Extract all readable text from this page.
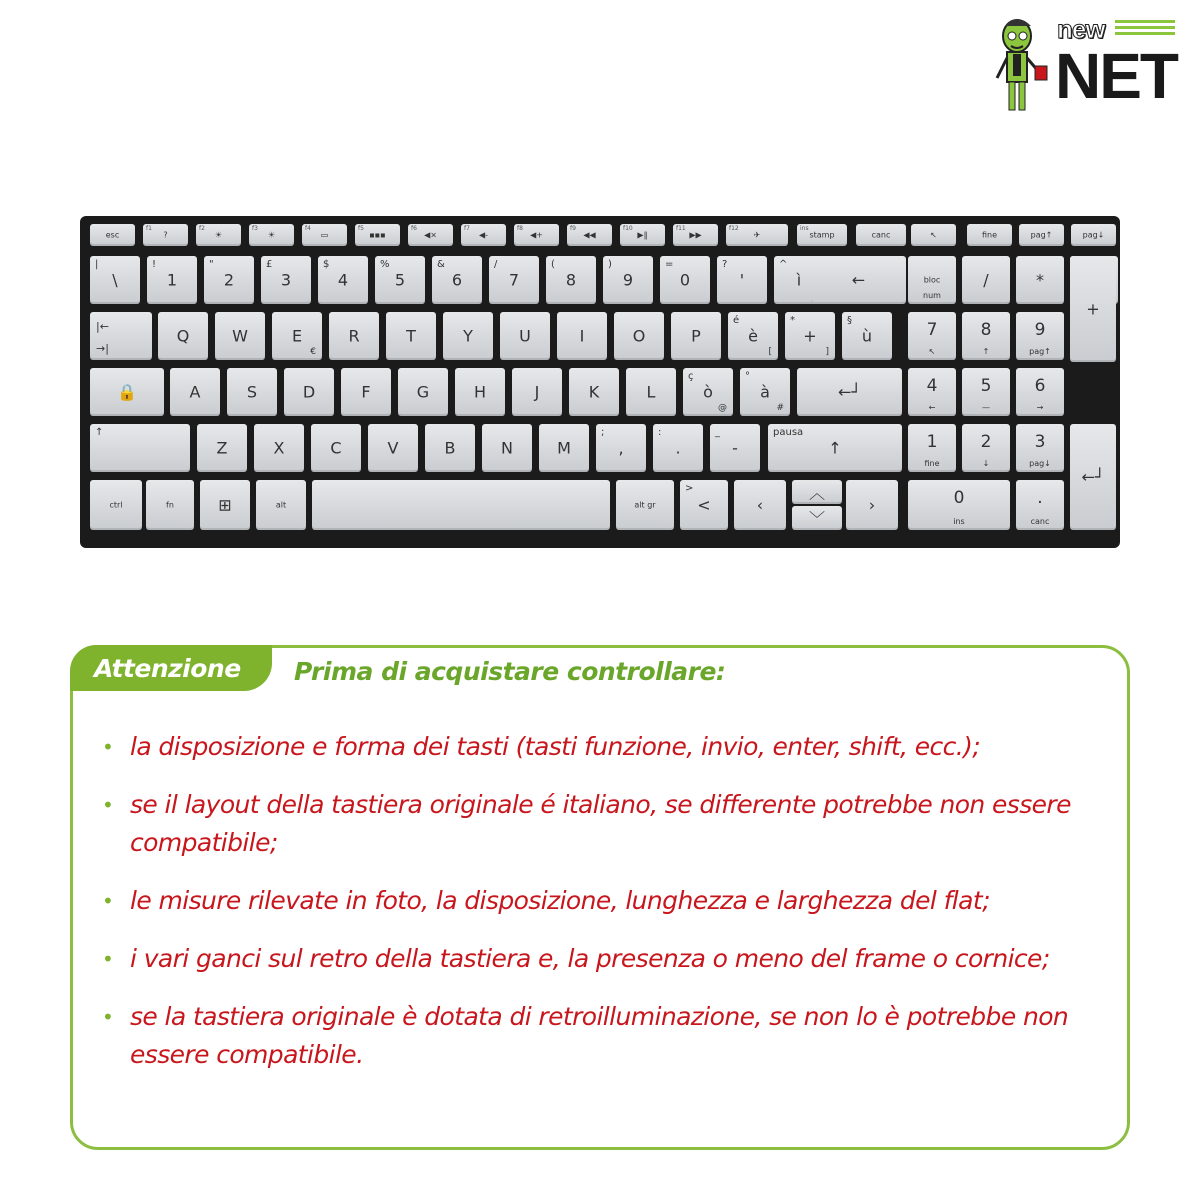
new
NET
esc
f1
?
f2
☀
f3
☀
f4
▭
f5
▪▪▪
f6
◀×
f7
◀-
f8
◀+
f9
◀◀
f10
▶‖
f11
▶▶
f12
✈
ins
stamp	canc	↖	fine	pag↑	pag↓
|
\
!
1
"
2
£
3
$
4
%
5
&
6
/
7
(
8
)
9
=
0
?
'
^
ì	←	bloc
num
/	*
|←
→|
Q	W	E
€
R	T	Y	U	I	O	P
é
è
[
*
+
]
§
ù	7
↖
8
↑
9
pag↑
+
🔒	A	S	D	F	G	H	J	K	L
ç
ò
@
°
à
#
←┘	4
←
5
—
6
→
↑
Z	X	C	V	B	N	M
;
,
:
.
_
-
pausa
↑	1
fine
2
↓
3
pag↓
←┘
ctrl	fn	⊞	alt	alt gr
>
<	‹
︿
﹀
›	0
ins
.
canc
Attenzione Prima di acquistare controllare:
• la disposizione e forma dei tasti (tasti funzione, invio, enter, shift, ecc.);
• se il layout della tastiera originale é italiano, se differente potrebbe non essere compatibile;
• le misure rilevate in foto, la disposizione, lunghezza e larghezza del flat;
• i vari ganci sul retro della tastiera e, la presenza o meno del frame o cornice;
• se la tastiera originale è dotata di retroilluminazione, se non lo è potrebbe non essere compatibile.
